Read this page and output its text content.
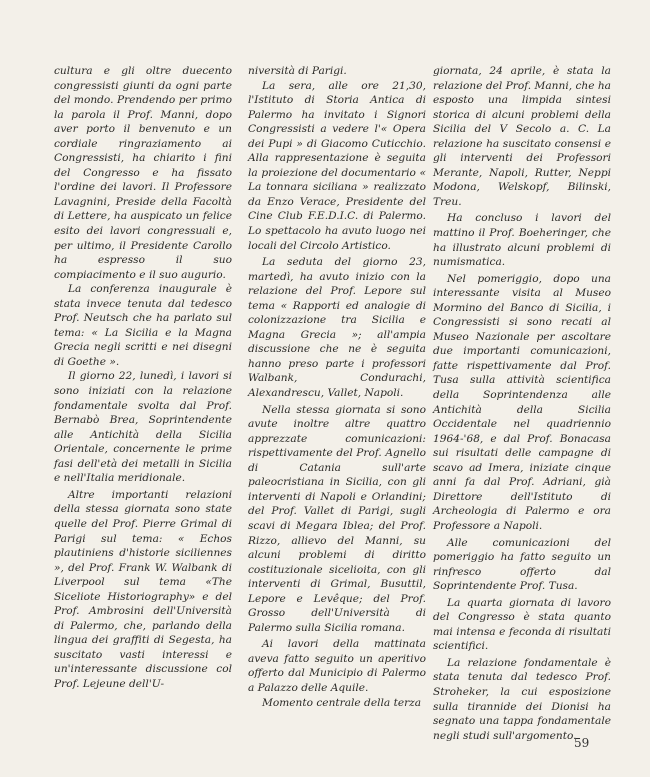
cultura e gli oltre duecento congressisti giunti da ogni parte del mondo. Prendendo per primo la parola il Prof. Manni, dopo aver porto il benvenuto e un cordiale ringraziamento ai Congressisti, ha chiarito i fini del Congresso e ha fissato l'ordine dei lavori. Il Professore Lavagnini, Preside della Facoltà di Lettere, ha auspicato un felice esito dei lavori congressuali e, per ultimo, il Presidente Carollo ha espresso il suo compiacimento e il suo augurio.

La conferenza inaugurale è stata invece tenuta dal tedesco Prof. Neutsch che ha parlato sul tema: « La Sicilia e la Magna Grecia negli scritti e nei disegni di Goethe ».

Il giorno 22, lunedì, i lavori si sono iniziati con la relazione fondamentale svolta dal Prof. Bernabò Brea, Soprintendente alle Antichità della Sicilia Orientale, concernente le prime fasi dell'età dei metalli in Sicilia e nell'Italia meridionale.

Altre importanti relazioni della stessa giornata sono state quelle del Prof. Pierre Grimal di Parigi sul tema: « Echos plautiniens d'historie siciliennes », del Prof. Frank W. Walbank di Liverpool sul tema «The Siceliote Historiography» e del Prof. Ambrosini dell'Università di Palermo, che, parlando della lingua dei graffiti di Segesta, ha suscitato vasti interessi e un'interessante discussione col Prof. Lejeune dell'U-

niversità di Parigi.

La sera, alle ore 21,30, l'Istituto di Storia Antica di Palermo ha invitato i Signori Congressisti a vedere l'« Opera dei Pupi » di Giacomo Cuticchio. Alla rappresentazione è seguita la proiezione del documentario « La tonnara siciliana » realizzato da Enzo Verace, Presidente del Cine Club F.E.D.I.C. di Palermo. Lo spettacolo ha avuto luogo nei locali del Circolo Artistico.

La seduta del giorno 23, martedì, ha avuto inizio con la relazione del Prof. Lepore sul tema « Rapporti ed analogie di colonizzazione tra Sicilia e Magna Grecia »; all'ampia discussione che ne è seguita hanno preso parte i professori Walbank, Condurachi, Alexandrescu, Vallet, Napoli.

Nella stessa giornata si sono avute inoltre altre quattro apprezzate comunicazioni: rispettivamente del Prof. Agnello di Catania sull'arte paleocristiana in Sicilia, con gli interventi di Napoli e Orlandini; del Prof. Vallet di Parigi, sugli scavi di Megara Iblea; del Prof. Rizzo, allievo del Manni, su alcuni problemi di diritto costituzionale sicelioita, con gli interventi di Grimal, Busuttil, Lepore e Levêque; del Prof. Grosso dell'Università di Palermo sulla Sicilia romana.

Ai lavori della mattinata aveva fatto seguito un aperitivo offerto dal Municipio di Palermo a Palazzo delle Aquile.

Momento centrale della terza

giornata, 24 aprile, è stata la relazione del Prof. Manni, che ha esposto una limpida sintesi storica di alcuni problemi della Sicilia del V Secolo a. C. La relazione ha suscitato consensi e gli interventi dei Professori Merante, Napoli, Rutter, Neppi Modona, Welskopf, Bilinski, Treu.

Ha concluso i lavori del mattino il Prof. Boeheringer, che ha illustrato alcuni problemi di numismatica.

Nel pomeriggio, dopo una interessante visita al Museo Mormino del Banco di Sicilia, i Congressisti si sono recati al Museo Nazionale per ascoltare due importanti comunicazioni, fatte rispettivamente dal Prof. Tusa sulla attività scientifica della Soprintendenza alle Antichità della Sicilia Occidentale nel quadriennio 1964-'68, e dal Prof. Bonacasa sui risultati delle campagne di scavo ad Imera, iniziate cinque anni fa dal Prof. Adriani, già Direttore dell'Istituto di Archeologia di Palermo e ora Professore a Napoli.

Alle comunicazioni del pomeriggio ha fatto seguito un rinfresco offerto dal Soprintendente Prof. Tusa.

La quarta giornata di lavoro del Congresso è stata quanto mai intensa e feconda di risultati scientifici.

La relazione fondamentale è stata tenuta dal tedesco Prof. Stroheker, la cui esposizione sulla tirannide dei Dionisi ha segnato una tappa fondamentale negli studi sull'argomento.

59
